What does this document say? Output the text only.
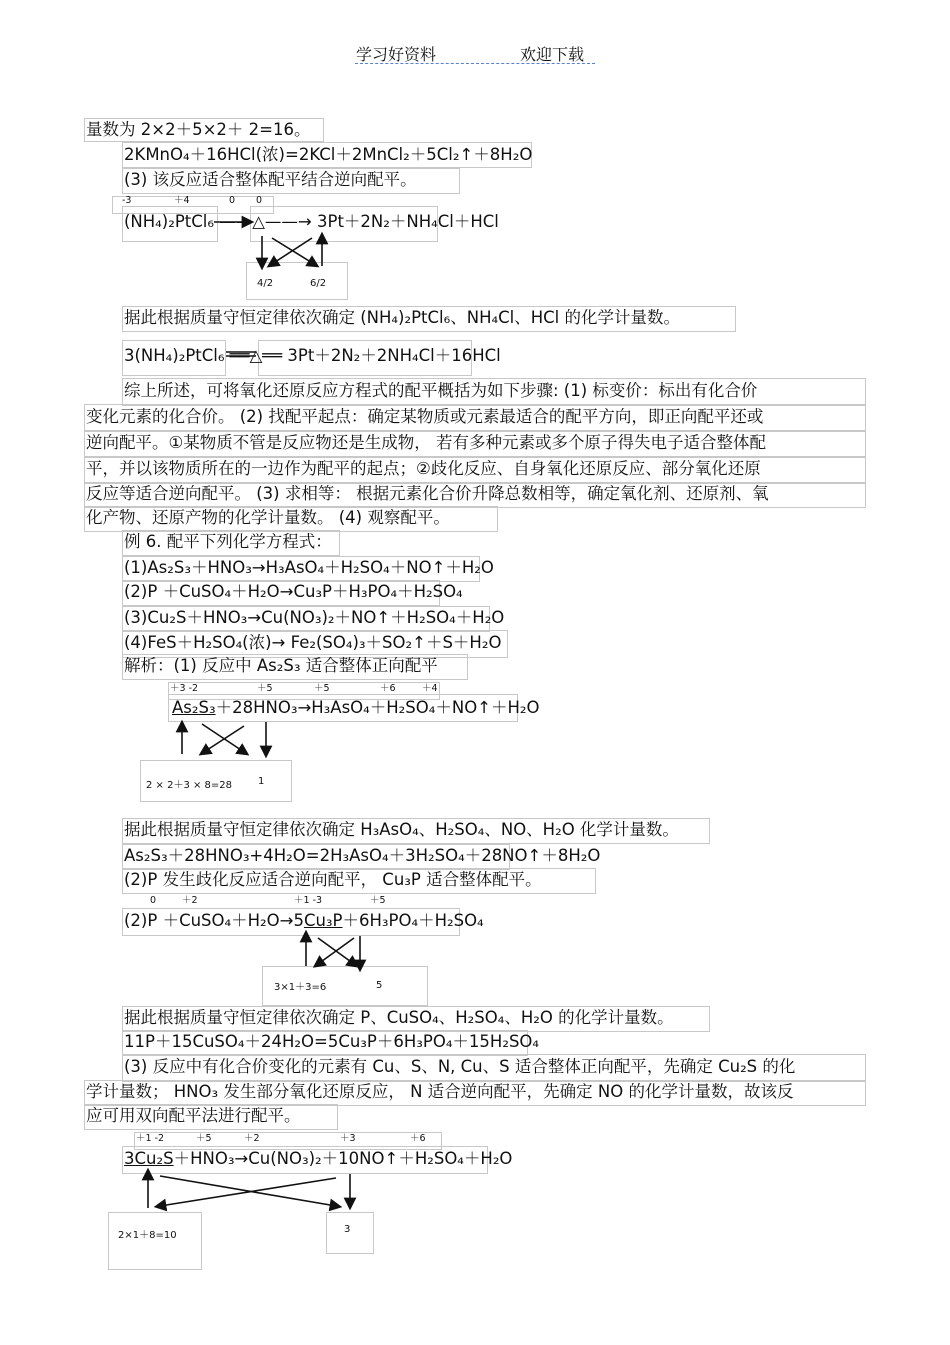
学习好资料	欢迎下载
量数为 2×2＋5×2＋ 2=16。
2KMnO₄＋16HCl(浓)=2KCl＋2MnCl₂＋5Cl₂↑＋8H₂O
(3) 该反应适合整体配平结合逆向配平。
-3	＋4	0 0
(NH₄)₂PtCl₆ ——△——→ 3Pt＋2N₂＋NH₄Cl＋HCl
4/2	6/2
据此根据质量守恒定律依次确定 (NH₄)₂PtCl₆、NH₄Cl、HCl 的化学计量数。
3(NH₄)₂PtCl₆ ══△══ 3Pt＋2N₂＋2NH₄Cl＋16HCl
综上所述，可将氧化还原反应方程式的配平概括为如下步骤: (1) 标变价：标出有化合价
变化元素的化合价。 (2) 找配平起点：确定某物质或元素最适合的配平方向，即正向配平还或
逆向配平。①某物质不管是反应物还是生成物， 若有多种元素或多个原子得失电子适合整体配
平，并以该物质所在的一边作为配平的起点；②歧化反应、自身氧化还原反应、部分氧化还原
反应等适合逆向配平。 (3) 求相等： 根据元素化合价升降总数相等，确定氧化剂、还原剂、氧
化产物、还原产物的化学计量数。 (4) 观察配平。
例 6. 配平下列化学方程式：
(1)As₂S₃＋HNO₃→H₃AsO₄＋H₂SO₄＋NO↑＋H₂O
(2)P ＋CuSO₄＋H₂O→Cu₃P＋H₃PO₄＋H₂SO₄
(3)Cu₂S＋HNO₃→Cu(NO₃)₂＋NO↑＋H₂SO₄＋H₂O
(4)FeS＋H₂SO₄(浓)→ Fe₂(SO₄)₃＋SO₂↑＋S＋H₂O
解析：(1) 反应中 As₂S₃ 适合整体正向配平
＋3 -2	＋5	＋5	＋6	＋4
As₂S₃＋28HNO₃→H₃AsO₄＋H₂SO₄＋NO↑＋H₂O
2 × 2＋3 × 8=28	1
据此根据质量守恒定律依次确定 H₃AsO₄、H₂SO₄、NO、H₂O 化学计量数。
As₂S₃＋28HNO₃+4H₂O=2H₃AsO₄＋3H₂SO₄＋28NO↑＋8H₂O
(2)P 发生歧化反应适合逆向配平， Cu₃P 适合整体配平。
0	＋2	＋1 -3	＋5
(2)P ＋CuSO₄＋H₂O→5Cu₃P＋6H₃PO₄＋H₂SO₄
3×1＋3=6	5
据此根据质量守恒定律依次确定 P、CuSO₄、H₂SO₄、H₂O 的化学计量数。
11P＋15CuSO₄＋24H₂O=5Cu₃P＋6H₃PO₄＋15H₂SO₄
(3) 反应中有化合价变化的元素有 Cu、S、N, Cu、S 适合整体正向配平，先确定 Cu₂S 的化
学计量数； HNO₃ 发生部分氧化还原反应， N 适合逆向配平，先确定 NO 的化学计量数，故该反
应可用双向配平法进行配平。
＋1 -2	＋5	＋2	＋3	＋6
3Cu₂S＋HNO₃→Cu(NO₃)₂＋10NO↑＋H₂SO₄＋H₂O
2×1＋8=10
3
